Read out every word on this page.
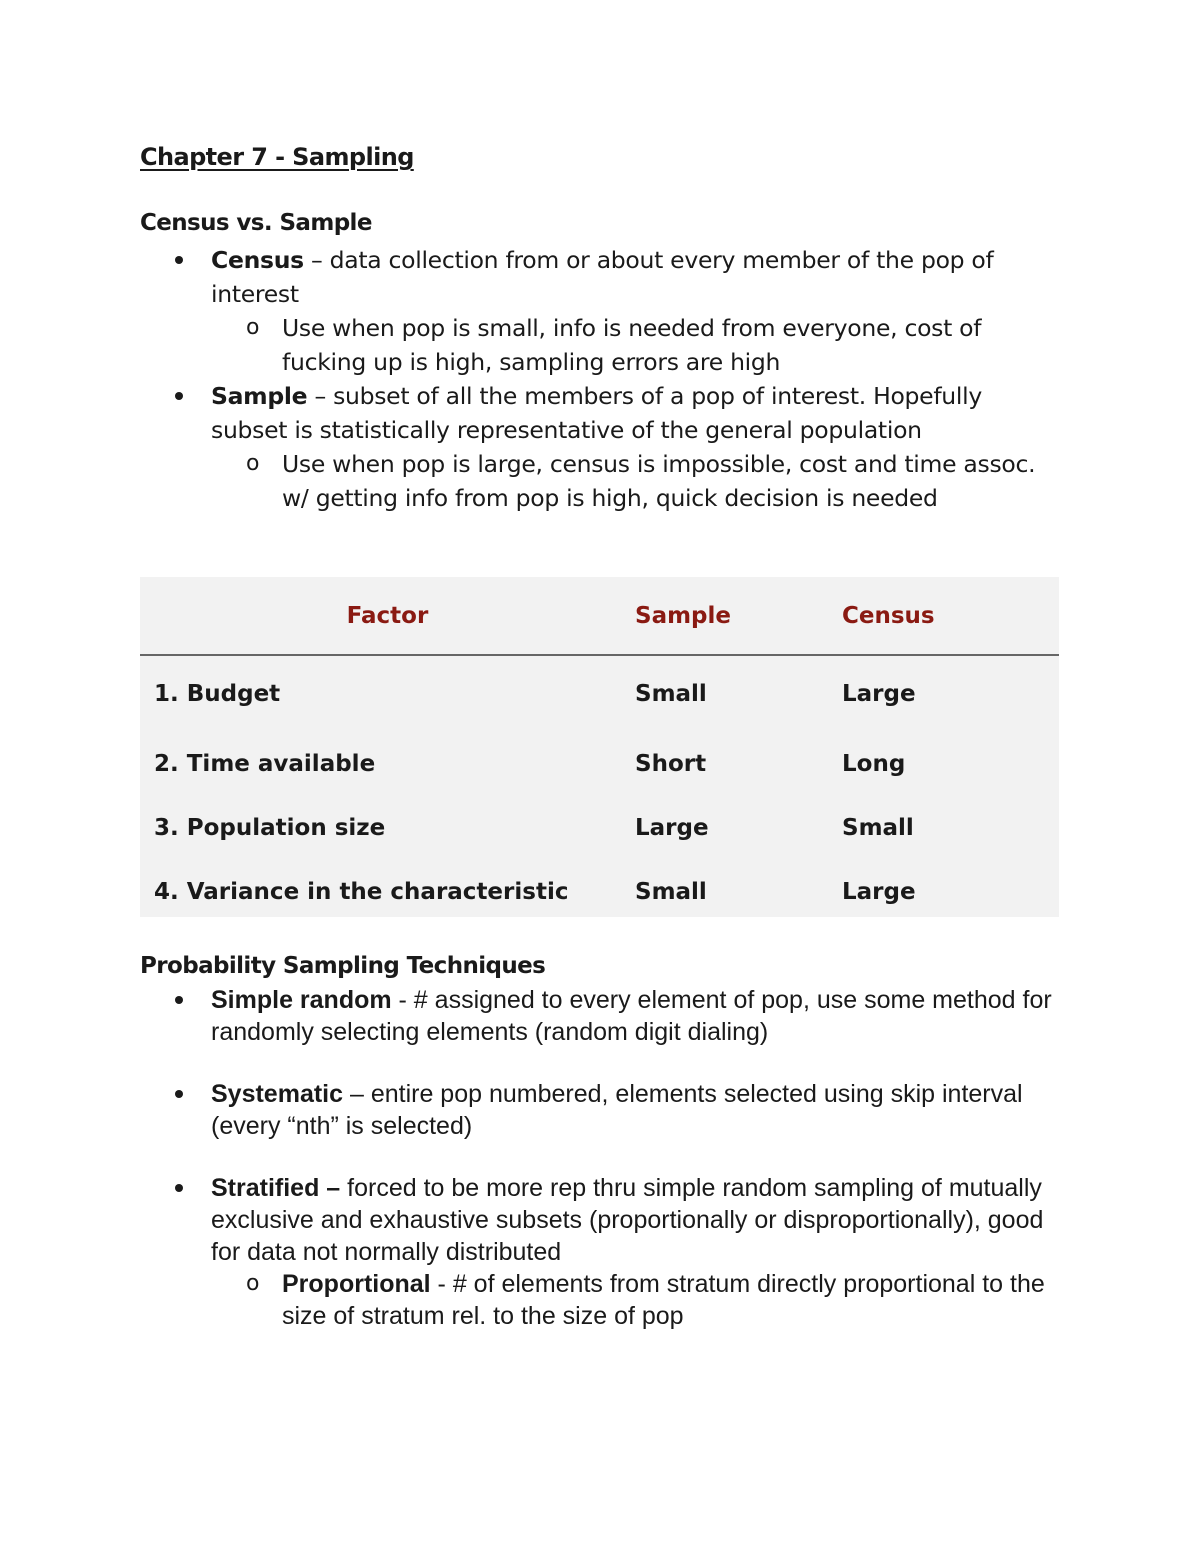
Chapter 7 - Sampling
Census vs. Sample
Census – data collection from or about every member of the pop of interest
o Use when pop is small, info is needed from everyone, cost of fucking up is high, sampling errors are high
Sample – subset of all the members of a pop of interest. Hopefully subset is statistically representative of the general population
o Use when pop is large, census is impossible, cost and time assoc. w/ getting info from pop is high, quick decision is needed
Factor	Sample	Census
1. Budget	Small	Large
2. Time available	Short	Long
3. Population size	Large	Small
4. Variance in the characteristic	Small	Large
Probability Sampling Techniques
Simple random - # assigned to every element of pop, use some method for randomly selecting elements (random digit dialing)
Systematic – entire pop numbered, elements selected using skip interval (every “nth” is selected)
Stratified – forced to be more rep thru simple random sampling of mutually exclusive and exhaustive subsets (proportionally or disproportionally), good for data not normally distributed
o Proportional - # of elements from stratum directly proportional to the size of stratum rel. to the size of pop
